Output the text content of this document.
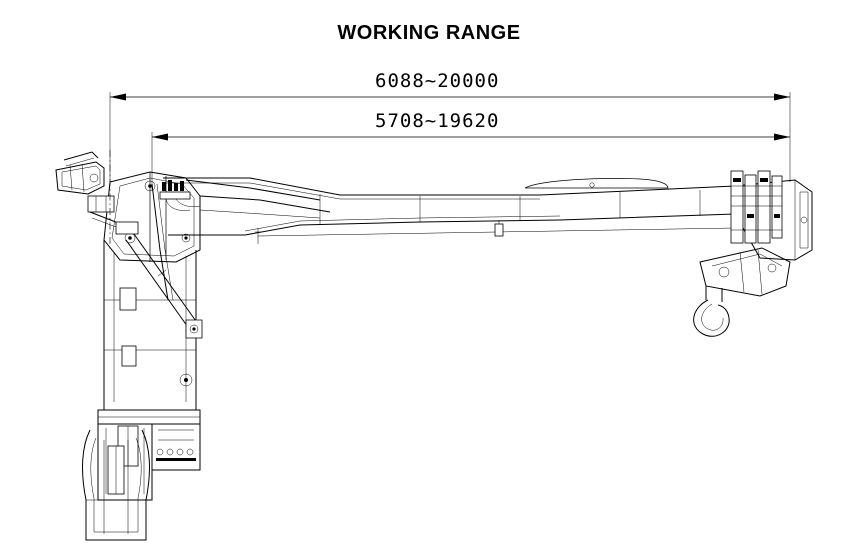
WORKING RANGE
6088~20000
5708~19620
